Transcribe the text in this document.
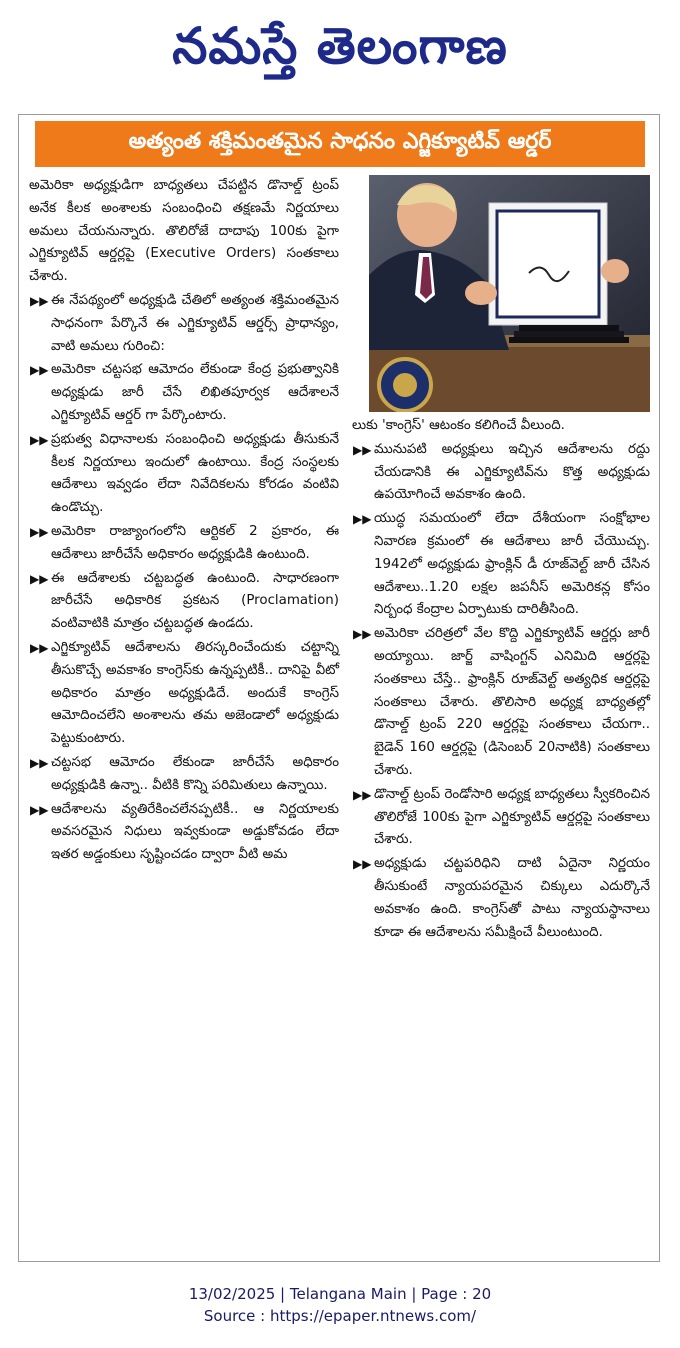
నమస్తే తెలంగాణ
అత్యంత శక్తిమంతమైన సాధనం ఎగ్జిక్యూటివ్ ఆర్డర్

అమెరికా అధ్యక్షుడిగా బాధ్యతలు చేపట్టిన డొనాల్డ్ ట్రంప్ అనేక కీలక అంశాలకు సంబంధించి తక్షణమే నిర్ణయాలు అమలు చేయనున్నారు. తొలిరోజే దాదాపు 100కు పైగా ఎగ్జిక్యూటివ్ ఆర్డర్లపై (Executive Orders) సంతకాలు చేశారు.

▶▶ ఈ నేపథ్యంలో అధ్యక్షుడి చేతిలో అత్యంత శక్తిమంతమైన సాధనంగా పేర్కొనే ఈ ఎగ్జిక్యూటివ్ ఆర్డర్స్ ప్రాధాన్యం, వాటి అమలు గురించి:

▶▶ అమెరికా చట్టసభ ఆమోదం లేకుండా కేంద్ర ప్రభుత్వానికి అధ్యక్షుడు జారీ చేసే లిఖితపూర్వక ఆదేశాలనే ఎగ్జిక్యూటివ్ ఆర్డర్ గా పేర్కొంటారు.

▶▶ ప్రభుత్వ విధానాలకు సంబంధించి అధ్యక్షుడు తీసుకునే కీలక నిర్ణయాలు ఇందులో ఉంటాయి. కేంద్ర సంస్థలకు ఆదేశాలు ఇవ్వడం లేదా నివేదికలను కోరడం వంటివి ఉండొచ్చు.

▶▶ అమెరికా రాజ్యాంగంలోని ఆర్టికల్ 2 ప్రకారం, ఈ ఆదేశాలు జారీచేసే అధికారం అధ్యక్షుడికి ఉంటుంది.

▶▶ ఈ ఆదేశాలకు చట్టబద్ధత ఉంటుంది. సాధారణంగా జారీచేసే అధికారిక ప్రకటన (Proclamation) వంటివాటికి మాత్రం చట్టబద్ధత ఉండదు.

▶▶ ఎగ్జిక్యూటివ్ ఆదేశాలను తిరస్కరించేందుకు చట్టాన్ని తీసుకొచ్చే అవకాశం కాంగ్రెస్‌కు ఉన్నప్పటికీ.. దానిపై వీటో అధికారం మాత్రం అధ్యక్షుడిదే. అందుకే కాంగ్రెస్ ఆమోదించలేని అంశాలను తమ అజెండాలో అధ్యక్షుడు పెట్టుకుంటారు.

▶▶ చట్టసభ ఆమోదం లేకుండా జారీచేసే అధికారం అధ్యక్షుడికి ఉన్నా.. వీటికి కొన్ని పరిమితులు ఉన్నాయి.

▶▶ ఆదేశాలను వ్యతిరేకించలేనప్పటికీ.. ఆ నిర్ణయాలకు అవసరమైన నిధులు ఇవ్వకుండా అడ్డుకోవడం లేదా ఇతర అడ్డంకులు సృష్టించడం ద్వారా వీటి అమ

లుకు 'కాంగ్రెస్' ఆటంకం కలిగించే వీలుంది.

▶▶ మునుపటి అధ్యక్షులు ఇచ్చిన ఆదేశాలను రద్దు చేయడానికి ఈ ఎగ్జిక్యూటివ్‌ను కొత్త అధ్యక్షుడు ఉపయోగించే అవకాశం ఉంది.

▶▶ యుద్ధ సమయంలో లేదా దేశీయంగా సంక్షోభాల నివారణ క్రమంలో ఈ ఆదేశాలు జారీ చేయొచ్చు. 1942లో అధ్యక్షుడు ఫ్రాంక్లిన్ డీ రూజ్‌వెల్ట్ జారీ చేసిన ఆదేశాలు..1.20 లక్షల జపనీస్ అమెరికన్ల కోసం నిర్బంధ కేంద్రాల ఏర్పాటుకు దారితీసింది.

▶▶ అమెరికా చరిత్రలో వేల కొద్ది ఎగ్జిక్యూటివ్ ఆర్డర్లు జారీ అయ్యాయి. జార్జ్ వాషింగ్టన్ ఎనిమిది ఆర్డర్లపై సంతకాలు చేస్తే.. ఫ్రాంక్లిన్ రూజ్‌వెల్ట్ అత్యధిక ఆర్డర్లపై సంతకాలు చేశారు. తొలిసారి అధ్యక్ష బాధ్యతల్లో డొనాల్డ్ ట్రంప్ 220 ఆర్డర్లపై సంతకాలు చేయగా.. బైడెన్ 160 ఆర్డర్లపై (డిసెంబర్ 20నాటికి) సంతకాలు చేశారు.

▶▶ డొనాల్డ్ ట్రంప్ రెండోసారి అధ్యక్ష బాధ్యతలు స్వీకరించిన తొలిరోజే 100కు పైగా ఎగ్జిక్యూటివ్ ఆర్డర్లపై సంతకాలు చేశారు.

▶▶ అధ్యక్షుడు చట్టపరిధిని దాటి ఏదైనా నిర్ణయం తీసుకుంటే న్యాయపరమైన చిక్కులు ఎదుర్కొనే అవకాశం ఉంది. కాంగ్రెస్‌తో పాటు న్యాయస్థానాలు కూడా ఈ ఆదేశాలను సమీక్షించే వీలుంటుంది.

13/02/2025 | Telangana Main | Page : 20
Source : https://epaper.ntnews.com/
